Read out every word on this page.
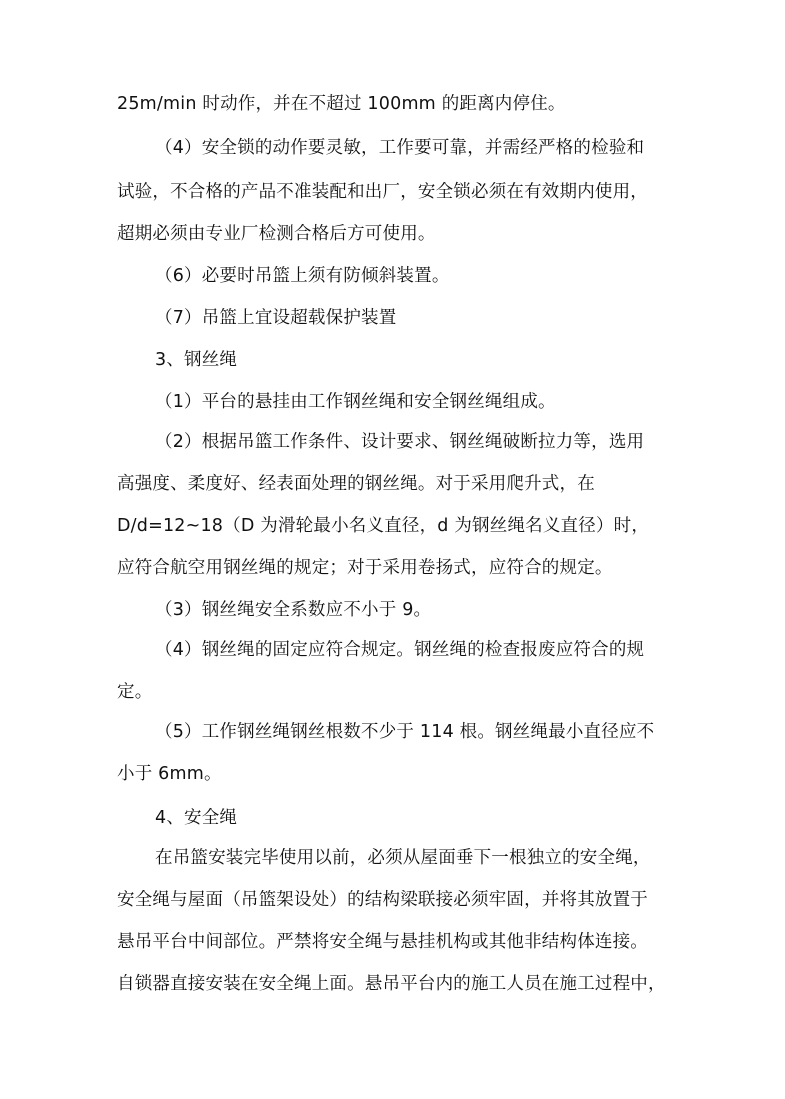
25m/min 时动作，并在不超过 100mm 的距离内停住。
（4）安全锁的动作要灵敏，工作要可靠，并需经严格的检验和
试验，不合格的产品不准装配和出厂，安全锁必须在有效期内使用，
超期必须由专业厂检测合格后方可使用。
（6）必要时吊篮上须有防倾斜装置。
（7）吊篮上宜设超载保护装置
3、钢丝绳
（1）平台的悬挂由工作钢丝绳和安全钢丝绳组成。
（2）根据吊篮工作条件、设计要求、钢丝绳破断拉力等，选用
高强度、柔度好、经表面处理的钢丝绳。对于采用爬升式，在
D/d=12~18（D 为滑轮最小名义直径，d 为钢丝绳名义直径）时，
应符合航空用钢丝绳的规定；对于采用卷扬式，应符合的规定。
（3）钢丝绳安全系数应不小于 9。
（4）钢丝绳的固定应符合规定。钢丝绳的检查报废应符合的规
定。
（5）工作钢丝绳钢丝根数不少于 114 根。钢丝绳最小直径应不
小于 6mm。
4、安全绳
在吊篮安装完毕使用以前，必须从屋面垂下一根独立的安全绳，
安全绳与屋面（吊篮架设处）的结构梁联接必须牢固，并将其放置于
悬吊平台中间部位。严禁将安全绳与悬挂机构或其他非结构体连接。
自锁器直接安装在安全绳上面。悬吊平台内的施工人员在施工过程中，
